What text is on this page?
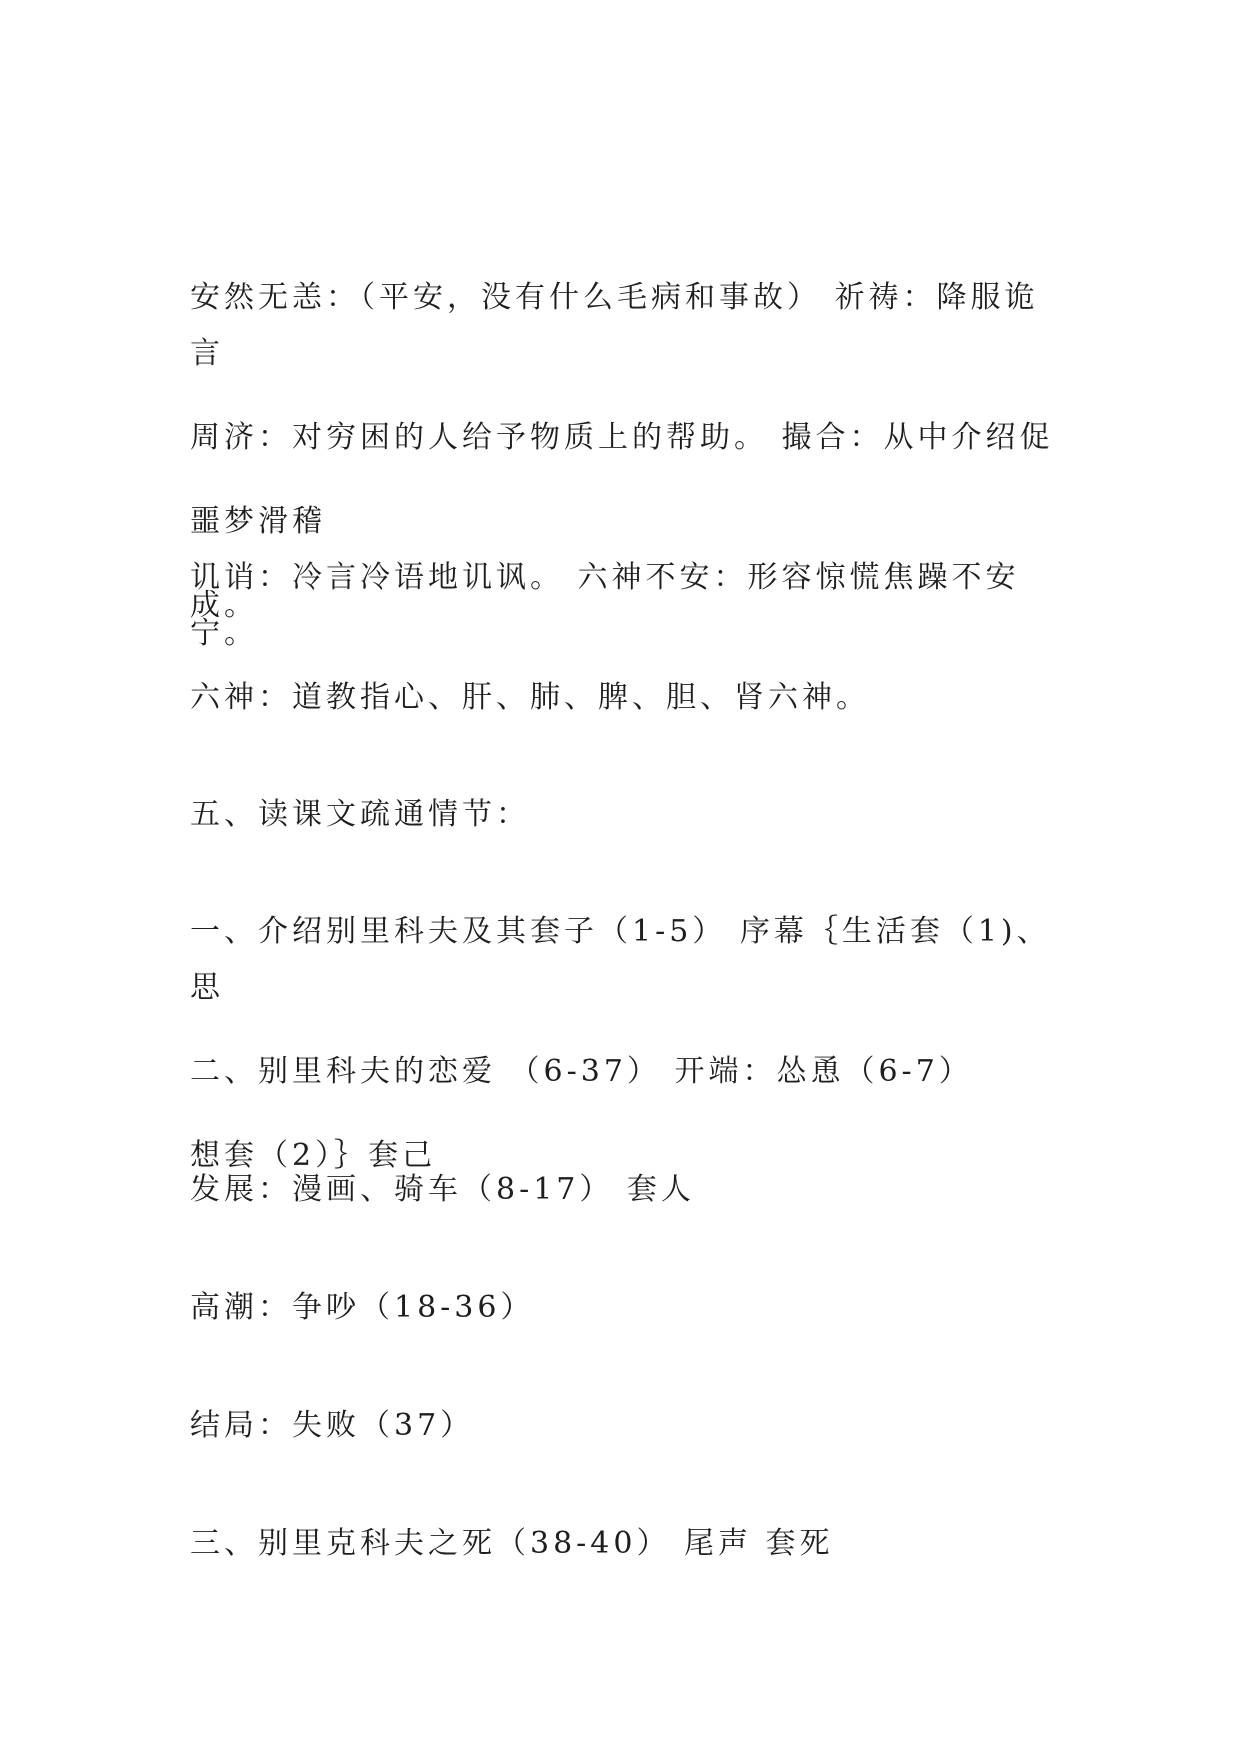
安然无恙：（平安，没有什么毛病和事故） 祈祷：降服诡言

噩梦滑稽

周济：对穷困的人给予物质上的帮助。 撮合：从中介绍促

成。

讥诮：冷言冷语地讥讽。 六神不安：形容惊慌焦躁不安宁。

六神：道教指心、肝、肺、脾、胆、肾六神。

五、读课文疏通情节：

一、介绍别里科夫及其套子（1-5） 序幕｛生活套（1)、思

想套（2）｝套己

二、别里科夫的恋爱 （6-37） 开端：怂恿（6-7）

发展：漫画、骑车（8-17） 套人

高潮：争吵（18-36）

结局：失败（37）

三、别里克科夫之死（38-40） 尾声 套死
